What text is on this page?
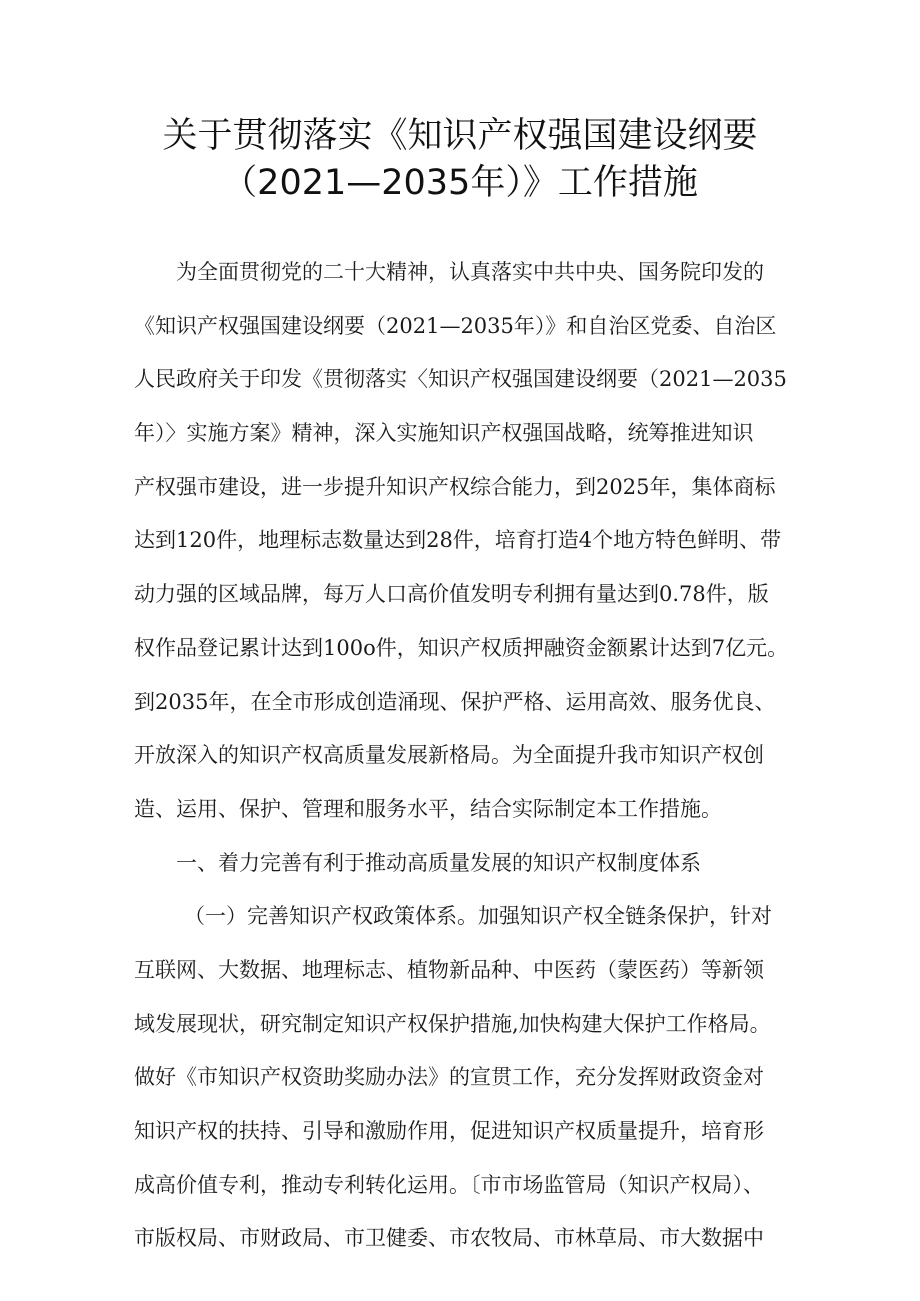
关于贯彻落实《知识产权强国建设纲要
（2021—2035年）》工作措施
为全面贯彻党的二十大精神，认真落实中共中央、国务院印发的
《知识产权强国建设纲要（2021—2035年）》和自治区党委、自治区
人民政府关于印发《贯彻落实〈知识产权强国建设纲要（2021—2035
年）〉实施方案》精神，深入实施知识产权强国战略，统筹推进知识
产权强市建设，进一步提升知识产权综合能力，到2025年，集体商标
达到120件，地理标志数量达到28件，培育打造4个地方特色鲜明、带
动力强的区域品牌，每万人口高价值发明专利拥有量达到0.78件，版
权作品登记累计达到100o件，知识产权质押融资金额累计达到7亿元。
到2035年，在全市形成创造涌现、保护严格、运用高效、服务优良、
开放深入的知识产权高质量发展新格局。为全面提升我市知识产权创
造、运用、保护、管理和服务水平，结合实际制定本工作措施。
一、着力完善有利于推动高质量发展的知识产权制度体系
（一）完善知识产权政策体系。加强知识产权全链条保护，针对
互联网、大数据、地理标志、植物新品种、中医药（蒙医药）等新领
域发展现状，研究制定知识产权保护措施,加快构建大保护工作格局。
做好《市知识产权资助奖励办法》的宣贯工作，充分发挥财政资金对
知识产权的扶持、引导和激励作用，促进知识产权质量提升，培育形
成高价值专利，推动专利转化运用。〔市市场监管局（知识产权局）、
市版权局、市财政局、市卫健委、市农牧局、市林草局、市大数据中
